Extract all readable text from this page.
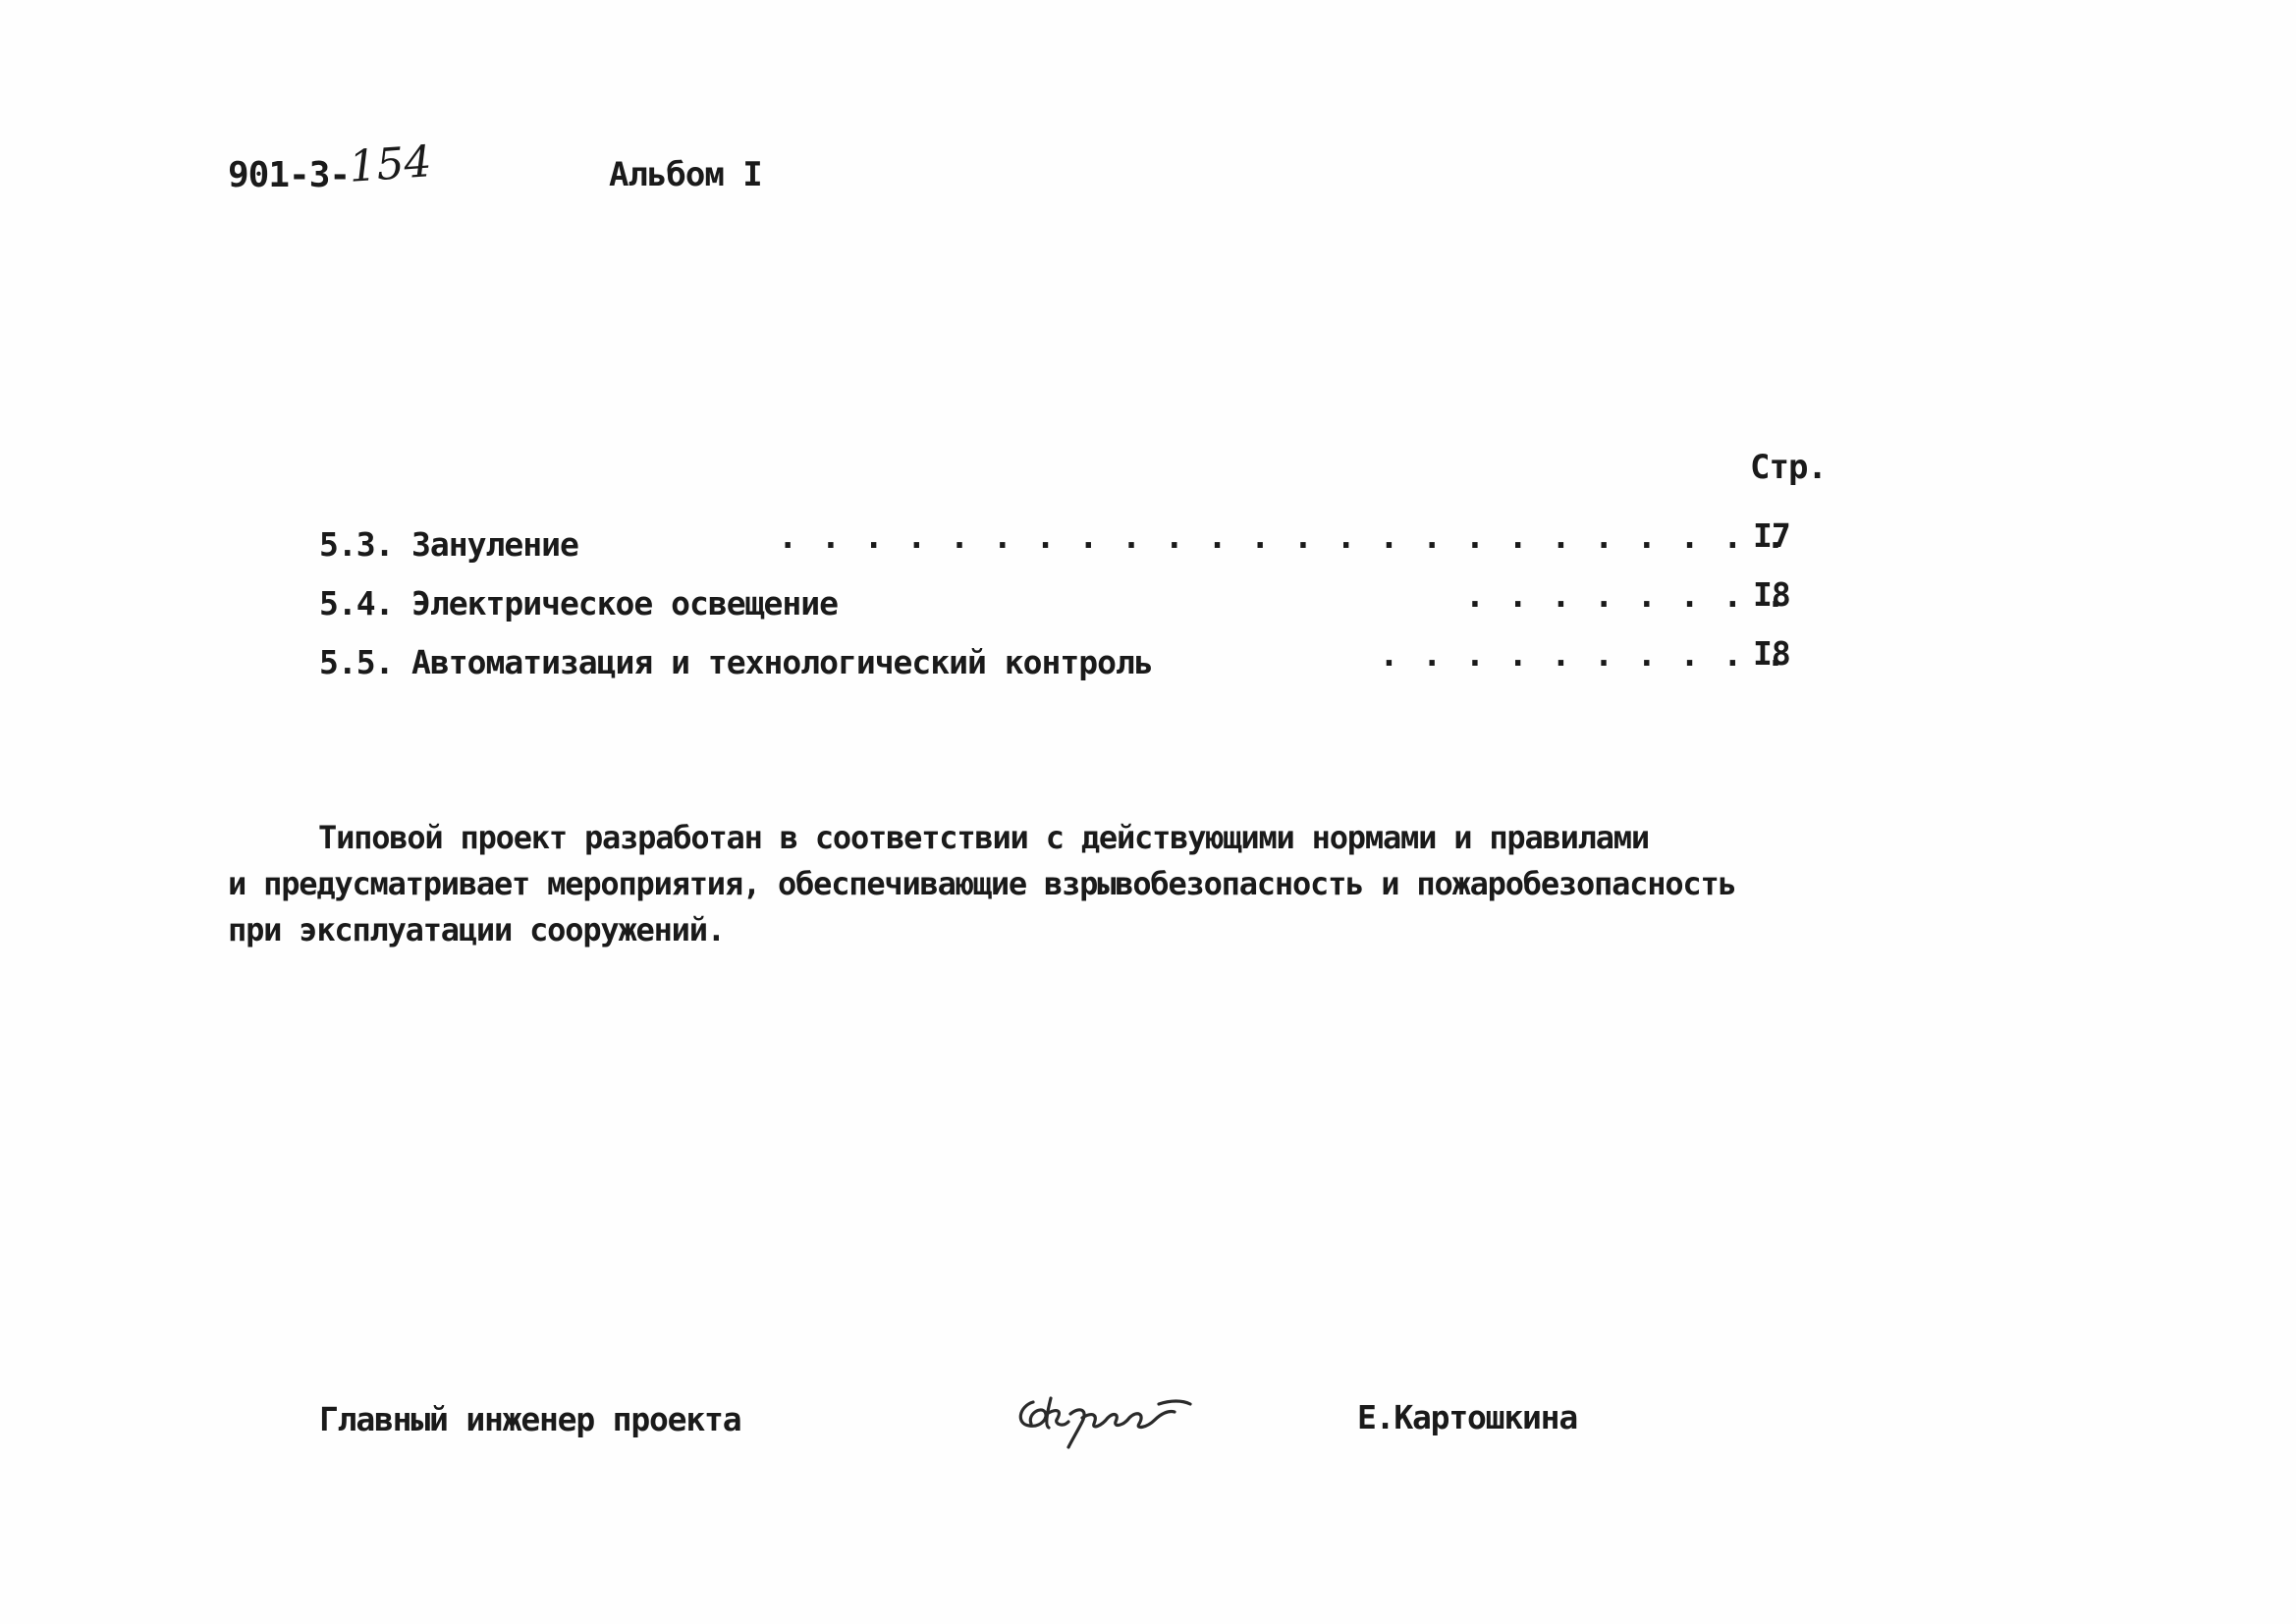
901-3-154	Альбом I
Стр.
5.3. Зануление . . .	I7
5.4. Электрическое освещение . . .	I8
5.5. Автоматизация и технологический контроль . . .	I8
Типовой проект разработан в соответствии с действующими нормами и правилами
и предусматривает мероприятия, обеспечивающие взрывобезопасность и пожаробезопасность
при эксплуатации сооружений.
Главный инженер проекта	Е.Картошкина
